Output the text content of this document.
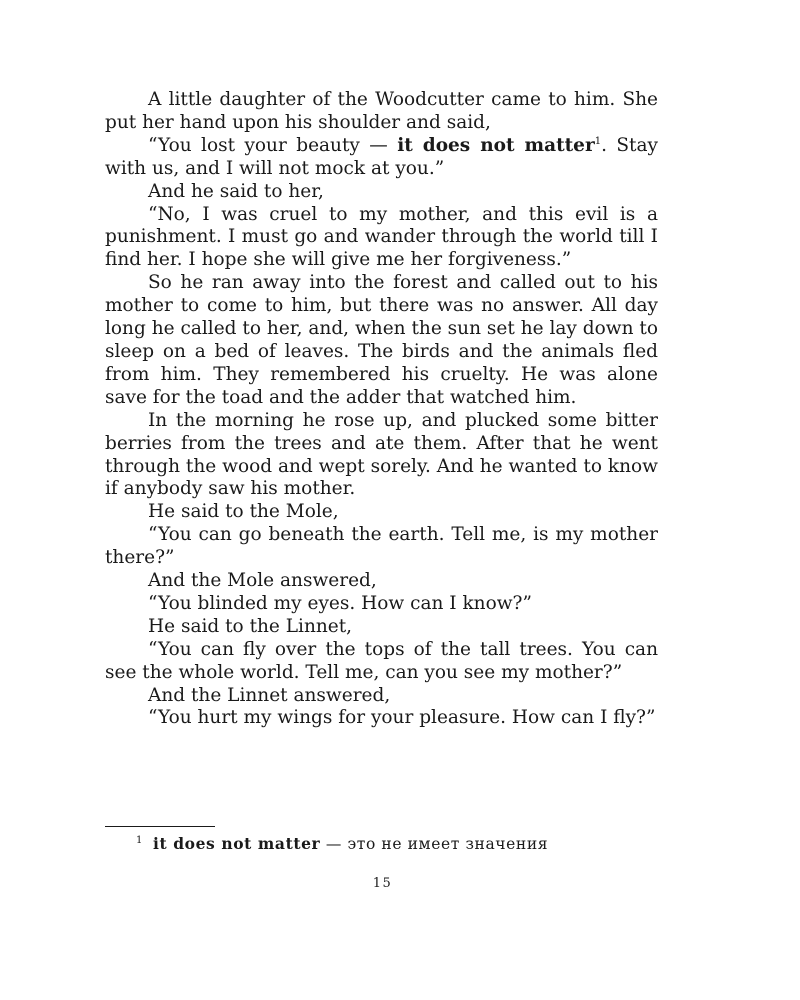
A little daughter of the Woodcutter came to him. She put her hand upon his shoulder and said,

“You lost your beauty — it does not matter$^1$. Stay with us, and I will not mock at you.”

And he said to her,

“No, I was cruel to my mother, and this evil is a punishment. I must go and wander through the world till I find her. I hope she will give me her forgiveness.”

So he ran away into the forest and called out to his mother to come to him, but there was no answer. All day long he called to her, and, when the sun set he lay down to sleep on a bed of leaves. The birds and the animals fled from him. They remembered his cruelty. He was alone save for the toad and the adder that watched him.

In the morning he rose up, and plucked some bitter berries from the trees and ate them. After that he went through the wood and wept sorely. And he wanted to know if anybody saw his mother.

He said to the Mole,

“You can go beneath the earth. Tell me, is my mother there?”

And the Mole answered,

“You blinded my eyes. How can I know?”

He said to the Linnet,

“You can fly over the tops of the tall trees. You can see the whole world. Tell me, can you see my mother?”

And the Linnet answered,

“You hurt my wings for your pleasure. How can I fly?”

$^1$ it does not matter — это не имеет значения
15
